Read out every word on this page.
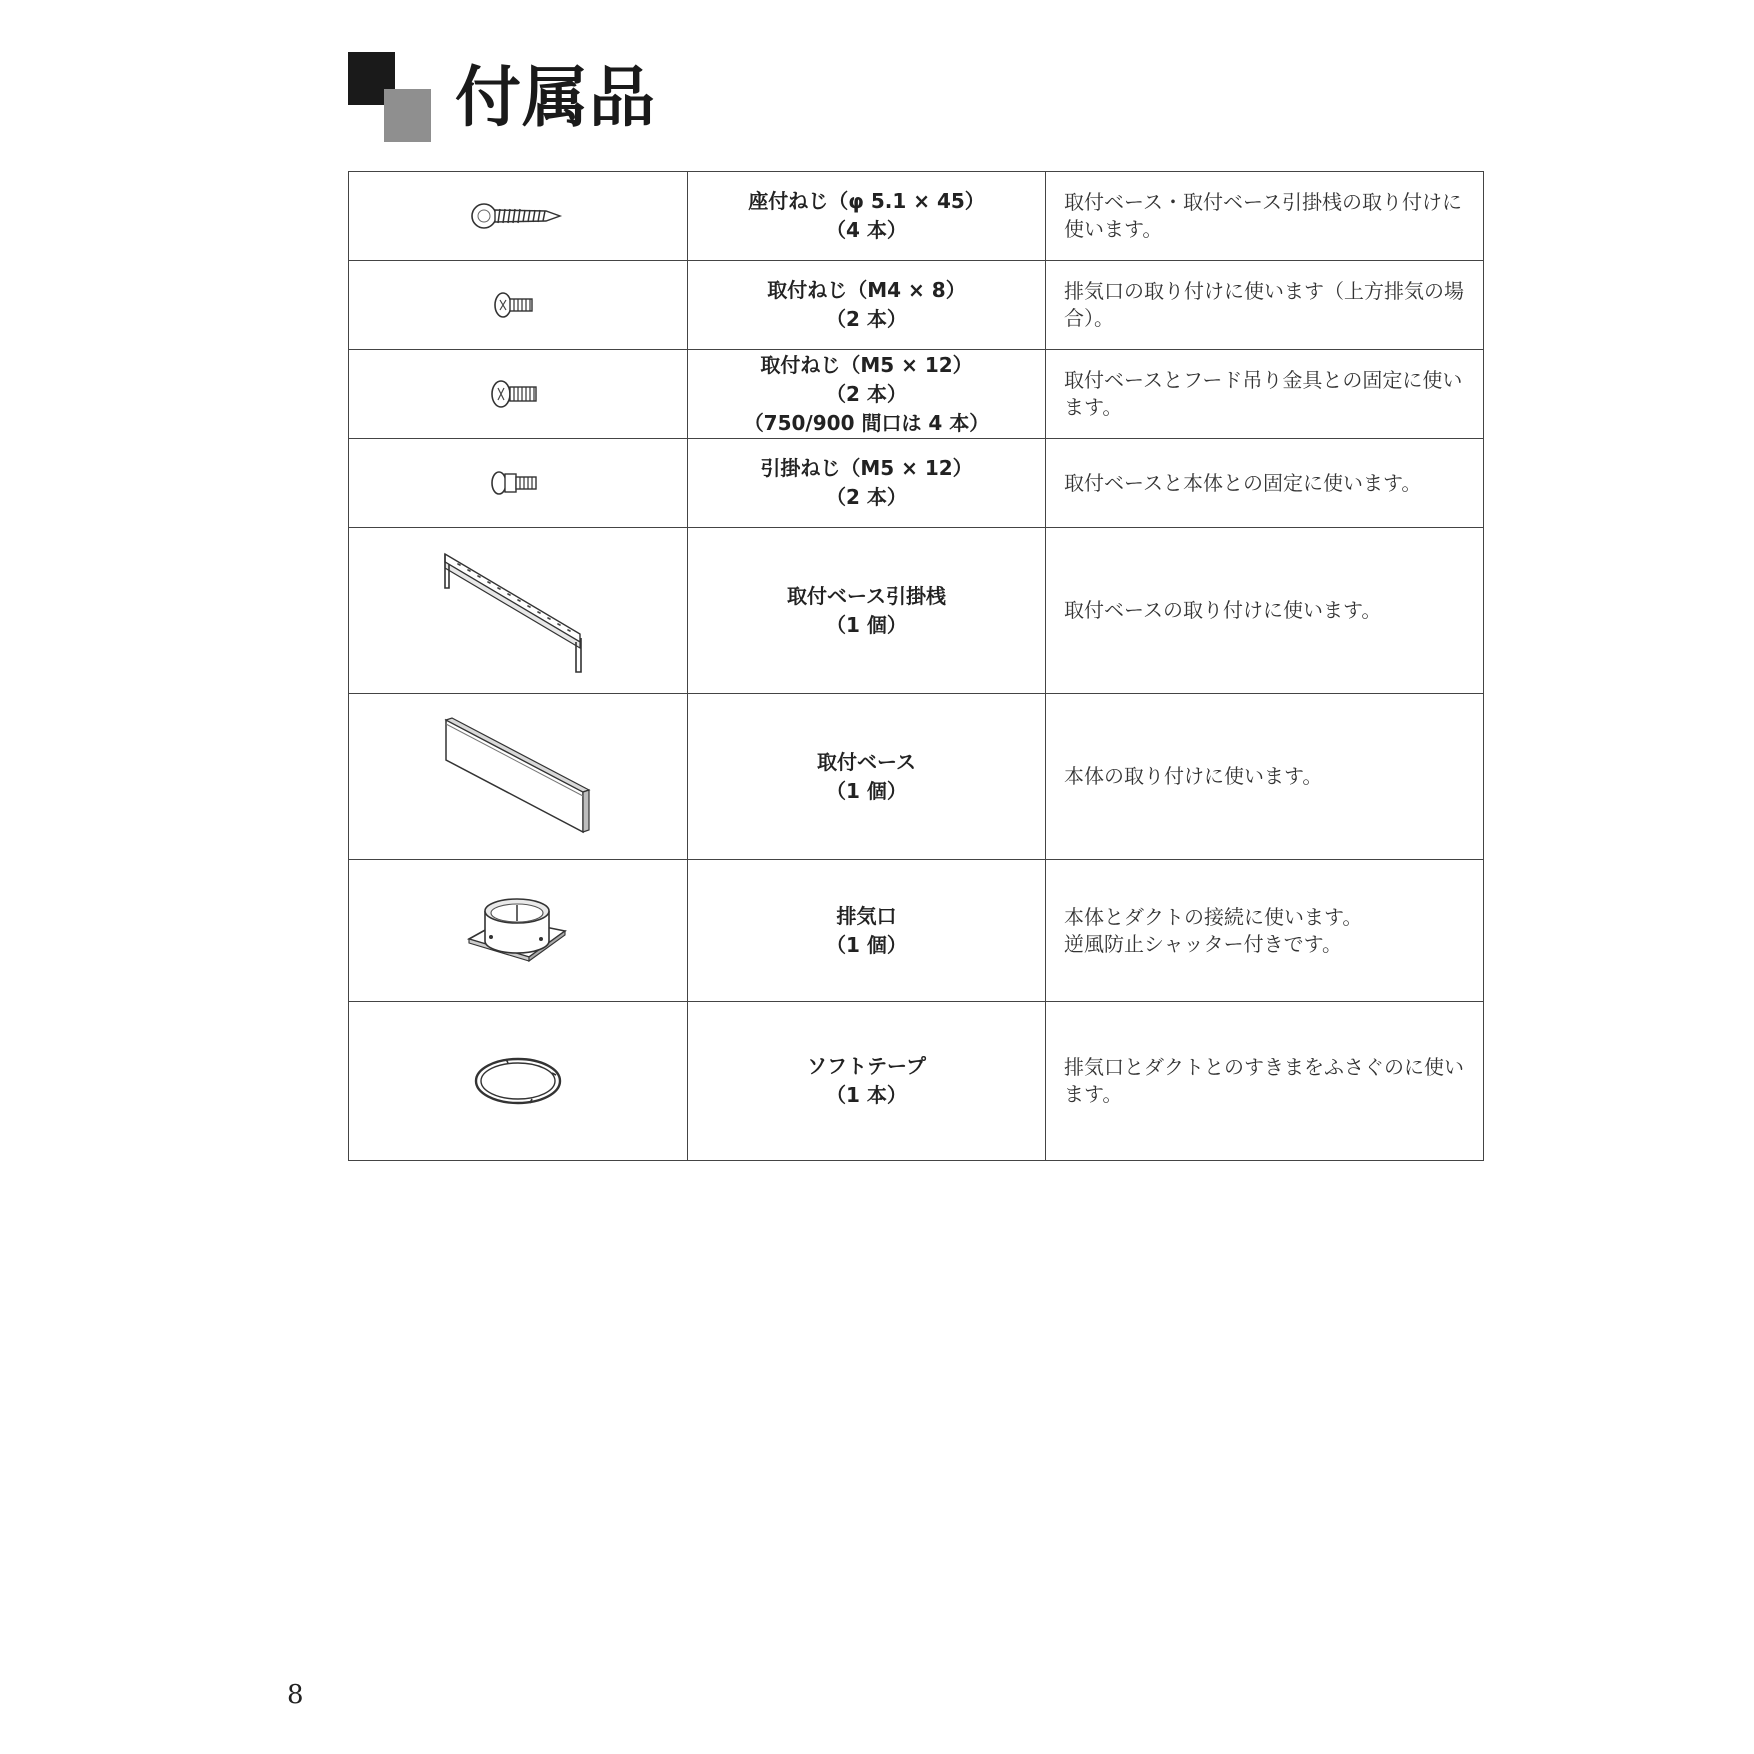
付属品

座付ねじ（φ 5.1 × 45）
（4 本）	取付ベース・取付ベース引掛桟の取り付けに使います。

取付ねじ（M4 × 8）
（2 本）	排気口の取り付けに使います（上方排気の場合）。

取付ねじ（M5 × 12）
（2 本）
（750/900 間口は 4 本）	取付ベースとフード吊り金具との固定に使います。

引掛ねじ（M5 × 12）
（2 本）	取付ベースと本体との固定に使います。

取付ベース引掛桟
（1 個）	取付ベースの取り付けに使います。

取付ベース
（1 個）	本体の取り付けに使います。

排気口
（1 個）	本体とダクトの接続に使います。
逆風防止シャッター付きです。

ソフトテープ
（1 本）	排気口とダクトとのすきまをふさぐのに使います。
8
